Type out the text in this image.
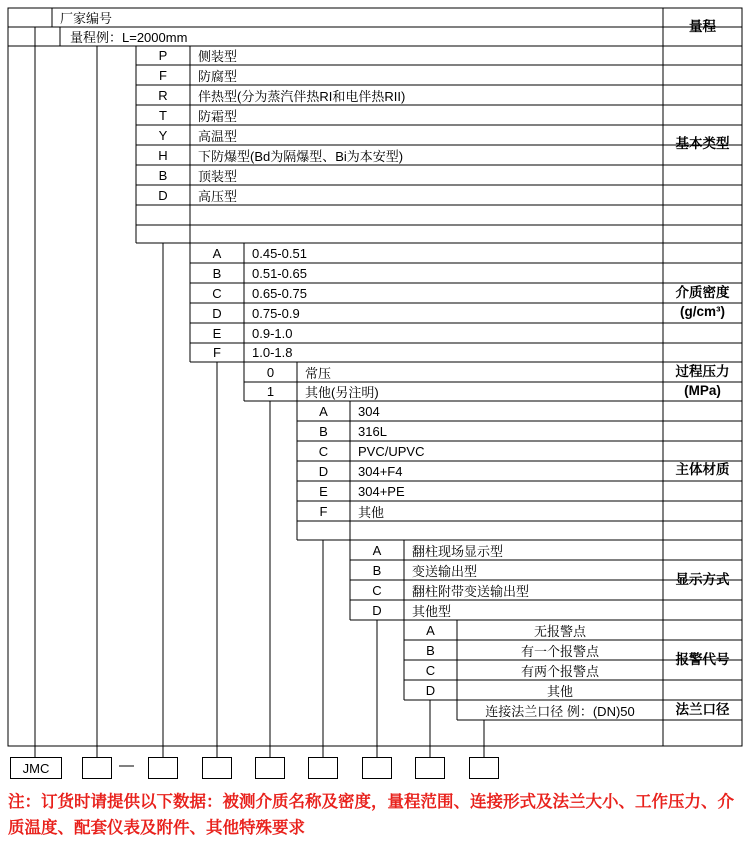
厂家编号
量程例：L=2000mm
量程
基本类型
介质密度
(g/cm³)
过程压力
(MPa)
主体材质
显示方式
报警代号
法兰口径
P	侧装型
F	防腐型
R	伴热型(分为蒸汽伴热RI和电伴热RII)
T	防霜型
Y	高温型
H	下防爆型(Bd为隔爆型、Bi为本安型)
B	顶装型
D	高压型
A	0.45-0.51
B	0.51-0.65
C	0.65-0.75
D	0.75-0.9
E	0.9-1.0
F	1.0-1.8
0	常压
1	其他(另注明)
A	304
B	316L
C	PVC/UPVC
D	304+F4
E	304+PE
F	其他
A	翻柱现场显示型
B	变送输出型
C	翻柱附带变送输出型
D	其他型
A	无报警点
B	有一个报警点
C	有两个报警点
D	其他
连接法兰口径 例：(DN)50
JMC	—
注：订货时请提供以下数据：被测介质名称及密度，量程范围、连接形式及法兰大小、工作压力、介质温度、配套仪表及附件、其他特殊要求
